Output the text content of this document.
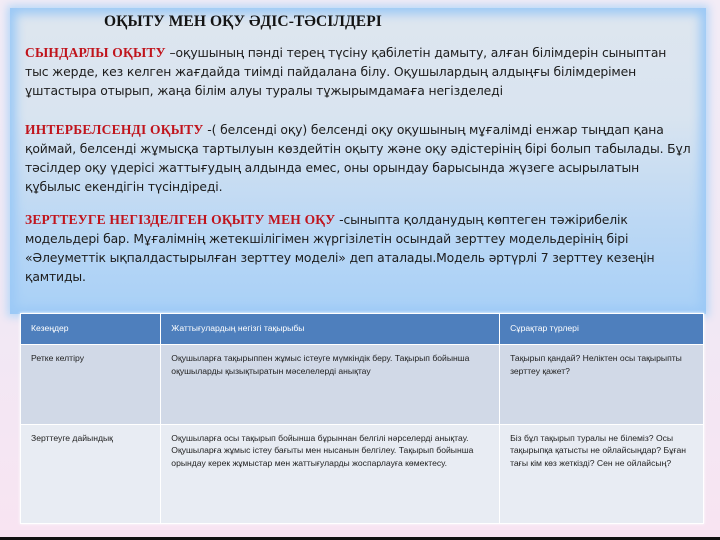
ОҚЫТУ МЕН ОҚУ ӘДІС-ТӘСІЛДЕРІ
СЫНДАРЛЫ ОҚЫТУ –оқушының пәнді терең түсіну қабілетін дамыту, алған білімдерін сыныптан тыс жерде, кез келген жағдайда тиімді пайдалана білу. Оқушылардың алдыңғы білімдерімен ұштастыра отырып, жаңа білім алуы туралы тұжырымдамаға негізделеді
ИНТЕРБЕЛСЕНДІ ОҚЫТУ -( белсенді оқу) белсенді оқу оқушының мұғалімді енжар тыңдап қана қоймай, белсенді жұмысқа тартылуын көздейтін оқыту және оқу әдістерінің бірі болып табылады. Бұл тәсілдер оқу үдерісі жаттығудың алдында емес, оны орындау барысында жүзеге асырылатын құбылыс екендігін түсіндіреді.
ЗЕРТТЕУГЕ НЕГІЗДЕЛГЕН ОҚЫТУ МЕН ОҚУ -сыныпта қолданудың көптеген тәжірибелік модельдері бар. Мұғалімнің жетекшілігімен жүргізілетін осындай зерттеу модельдерінің бірі «Әлеуметтік ықпалдастырылған зерттеу моделі» деп аталады.Модель әртүрлі 7 зерттеу кезеңін қамтиды.
Кезеңдер	Жаттығулардың негізгі тақырыбы	Сұрақтар түрлері
Ретке келтіру	Оқушыларға тақырыппен жұмыс істеуге мүмкіндік беру. Тақырып бойынша оқушыларды қызықтыратын мәселелерді анықтау	Тақырып қандай? Неліктен осы тақырыпты зерттеу қажет?
Зерттеуге дайындық	Оқушыларға осы тақырып бойынша бұрыннан белгілі нәрселерді анықтау. Оқушыларға жұмыс істеу бағыты мен нысанын белгілеу. Тақырып бойынша орындау керек жұмыстар мен жаттығуларды жоспарлауға көмектесу.	Біз бұл тақырып туралы не білеміз? Осы тақырыпқа қатысты не ойлайсыңдар? Бұған тағы кім көз жеткізді? Сен не ойлайсың?
